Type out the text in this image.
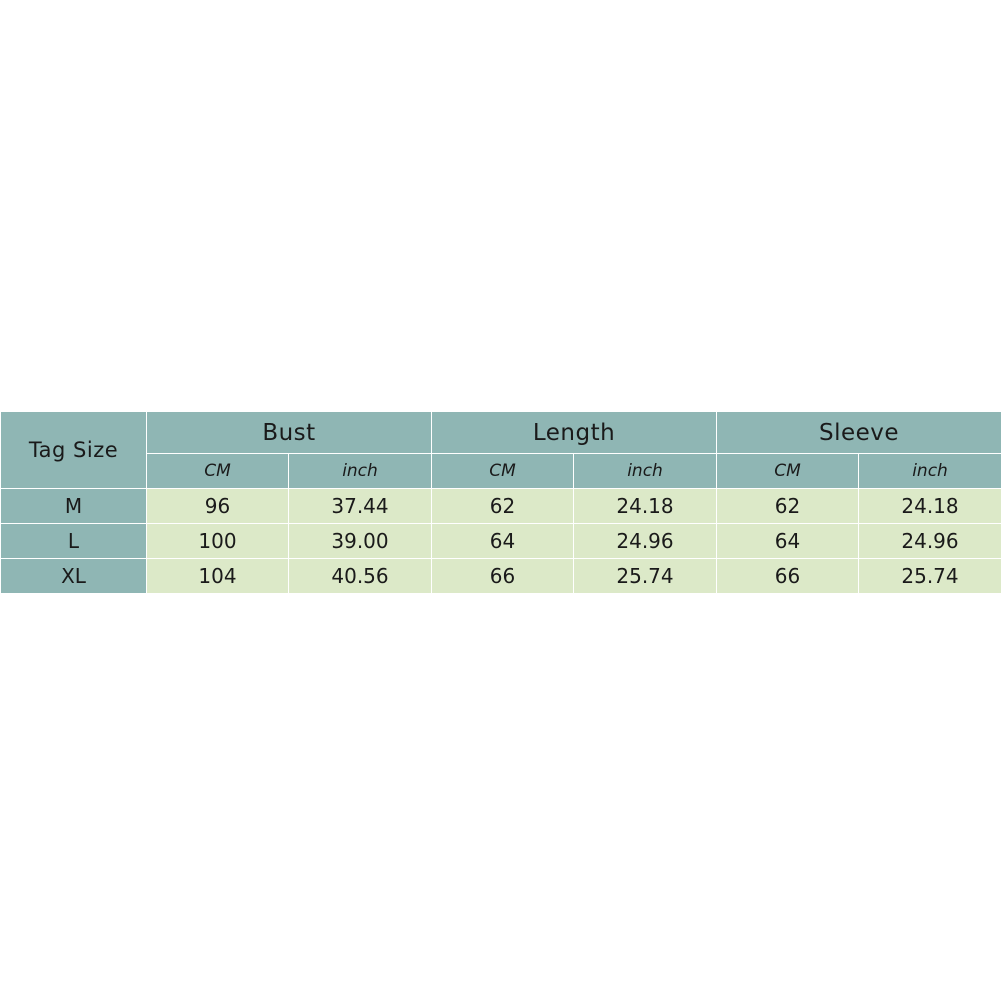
Tag Size	Bust		Length		Sleeve	
	CM	inch	CM	inch	CM	inch
M	96	37.44	62	24.18	62	24.18
L	100	39.00	64	24.96	64	24.96
XL	104	40.56	66	25.74	66	25.74
